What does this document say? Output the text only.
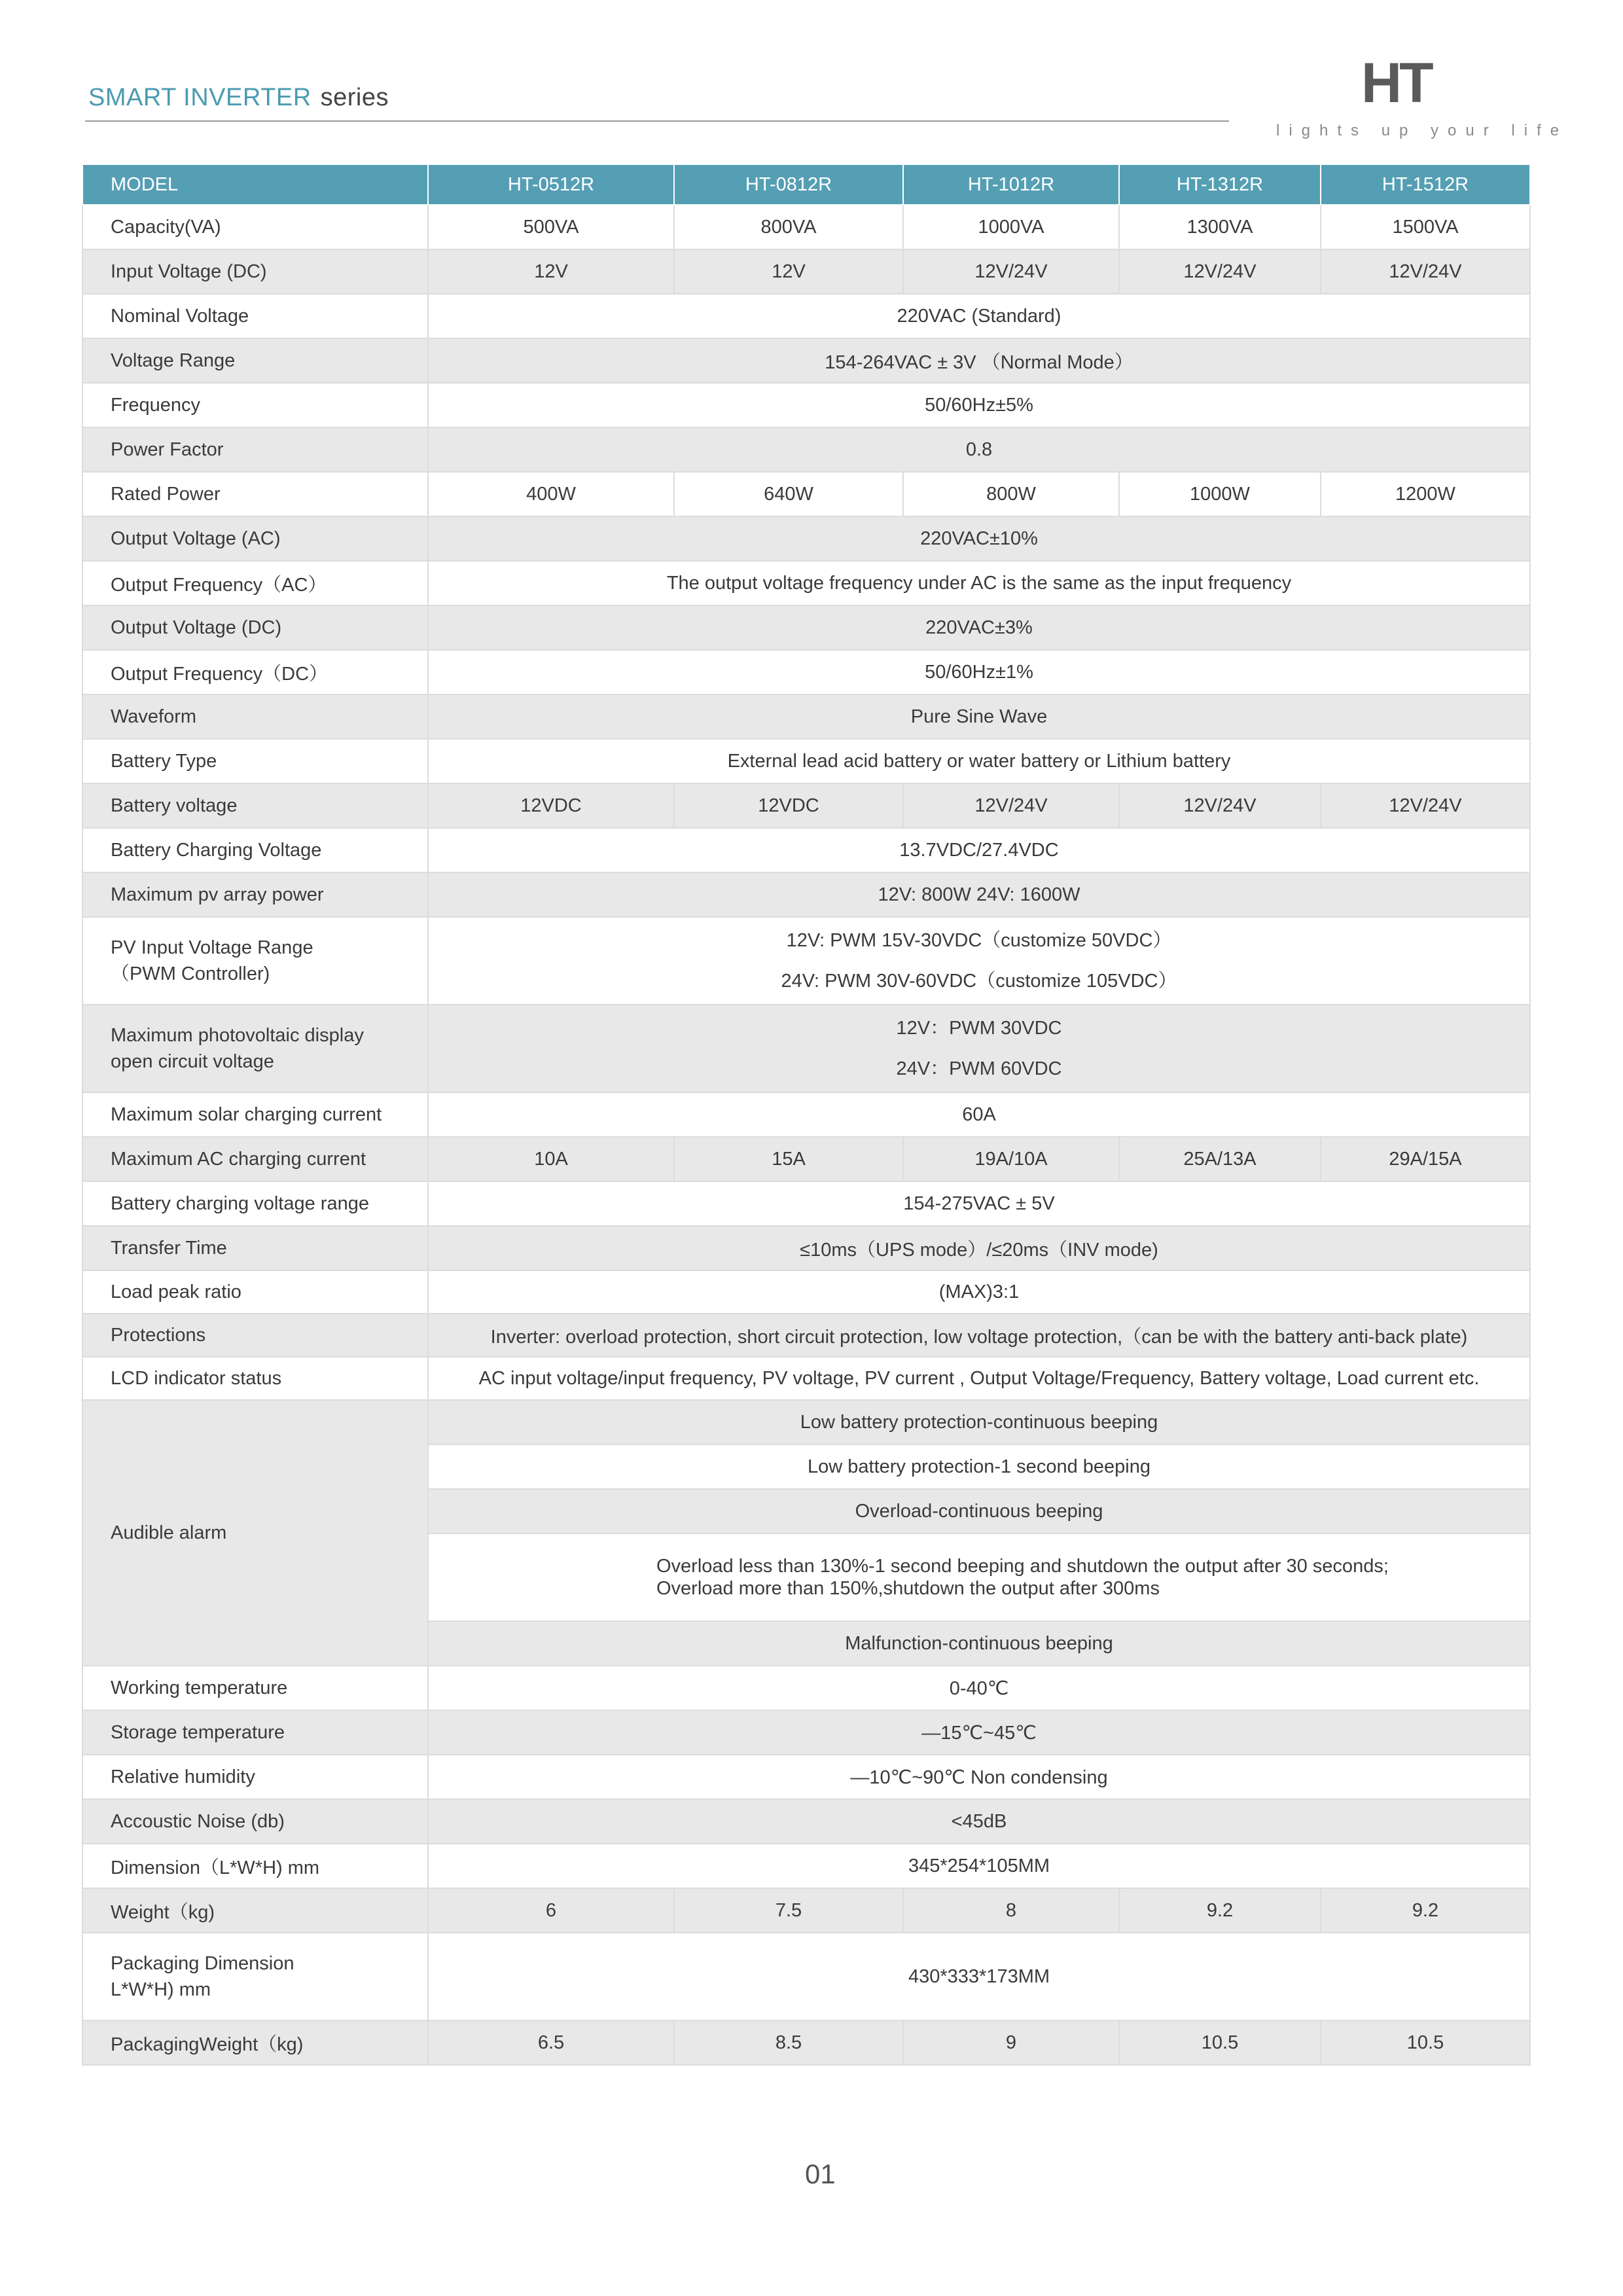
SMART INVERTER series	HT
lights up your life
MODEL	HT-0512R	HT-0812R	HT-1012R	HT-1312R	HT-1512R
Capacity(VA)	500VA	800VA	1000VA	1300VA	1500VA
Input Voltage (DC)	12V	12V	12V/24V	12V/24V	12V/24V
Nominal Voltage	220VAC (Standard)				
Voltage Range	154-264VAC ± 3V （Normal Mode）				
Frequency	50/60Hz±5%				
Power Factor	0.8				
Rated Power	400W	640W	800W	1000W	1200W
Output Voltage (AC)	220VAC±10%				
Output Frequency（AC）	The output voltage frequency under AC is the same as the input frequency				
Output Voltage (DC)	220VAC±3%				
Output Frequency（DC）	50/60Hz±1%				
Waveform	Pure Sine Wave				
Battery Type	External lead acid battery or water battery or Lithium battery				
Battery voltage	12VDC	12VDC	12V/24V	12V/24V	12V/24V
Battery Charging Voltage	13.7VDC/27.4VDC				
Maximum pv array power	12V: 800W 24V: 1600W				
PV Input Voltage Range
（PWM Controller)	12V: PWM 15V-30VDC（customize 50VDC）
24V: PWM 30V-60VDC（customize 105VDC）				
Maximum photovoltaic display
open circuit voltage	12V：PWM 30VDC
24V：PWM 60VDC				
Maximum solar charging current	60A				
Maximum AC charging current	10A	15A	19A/10A	25A/13A	29A/15A
Battery charging voltage range	154-275VAC ± 5V				
Transfer Time	≤10ms（UPS mode）/≤20ms（INV mode)				
Load peak ratio	(MAX)3:1				
Protections	Inverter: overload protection, short circuit protection, low voltage protection,（can be with the battery anti-back plate)				
LCD indicator status	AC input voltage/input frequency, PV voltage, PV current , Output Voltage/Frequency, Battery voltage, Load current etc.				
Audible alarm	Low battery protection-continuous beeping				
	Low battery protection-1 second beeping				
	Overload-continuous beeping				
	Overload less than 130%-1 second beeping and shutdown the output after 30 seconds;
Overload more than 150%,shutdown the output after 300ms				
	Malfunction-continuous beeping				
Working temperature	0-40℃				
Storage temperature	—15℃~45℃				
Relative humidity	—10℃~90℃ Non condensing				
Accoustic Noise (db)	<45dB				
Dimension（L*W*H) mm	345*254*105MM				
Weight（kg)	6	7.5	8	9.2	9.2
Packaging Dimension
L*W*H) mm	430*333*173MM				
PackagingWeight（kg)	6.5	8.5	9	10.5	10.5
01
